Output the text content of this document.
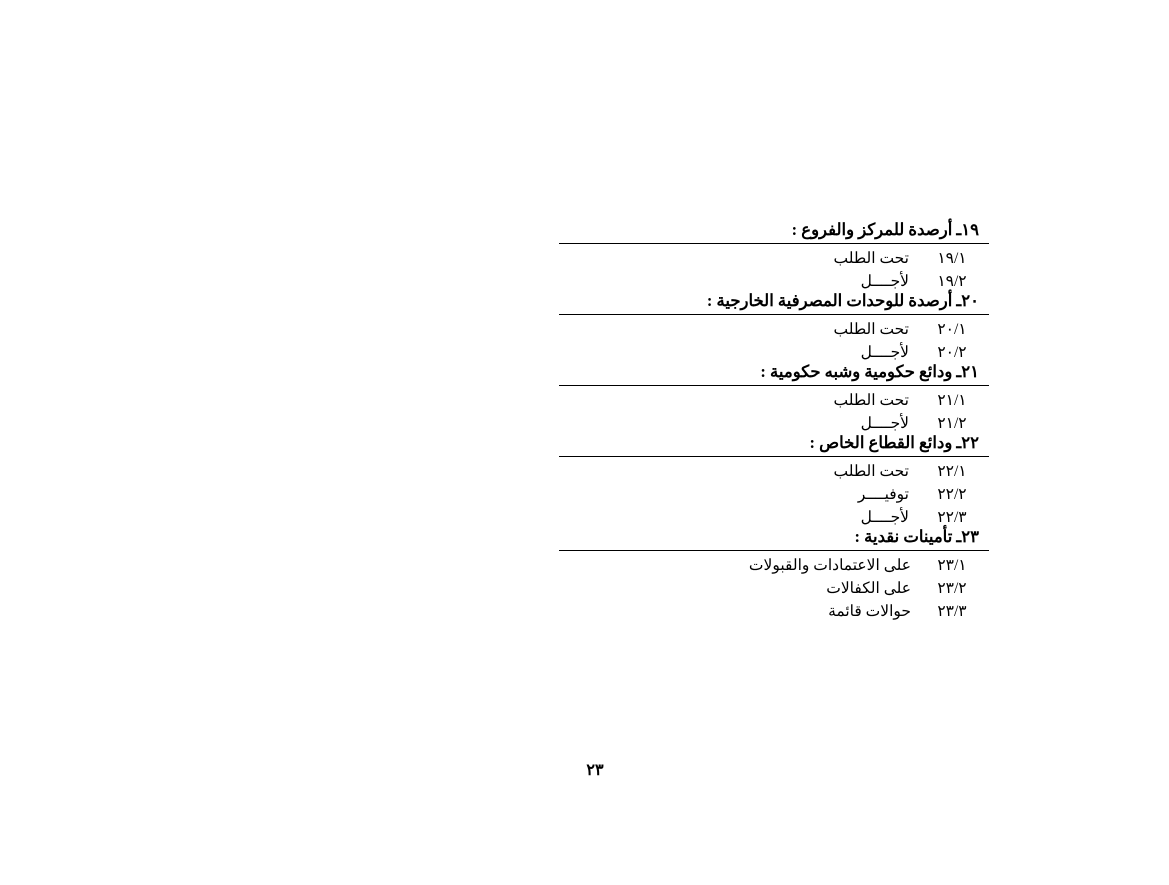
١٩ـ أرصدة للمركز والفروع :
١٩/١
تحت الطلب
١٩/٢
لأجــــل
٢٠ـ أرصدة للوحدات المصرفية الخارجية :
٢٠/١
تحت الطلب
٢٠/٢
لأجــــل
٢١ـ ودائع حكومية وشبه حكومية :
٢١/١
تحت الطلب
٢١/٢
لأجــــل
٢٢ـ ودائع القطاع الخاص :
٢٢/١
تحت الطلب
٢٢/٢
توفيــــر
٢٢/٣
لأجــــل
٢٣ـ تأمينات نقدية :
٢٣/١
على الاعتمادات والقبولات
٢٣/٢
على الكفالات
٢٣/٣
حوالات قائمة
٢٣
